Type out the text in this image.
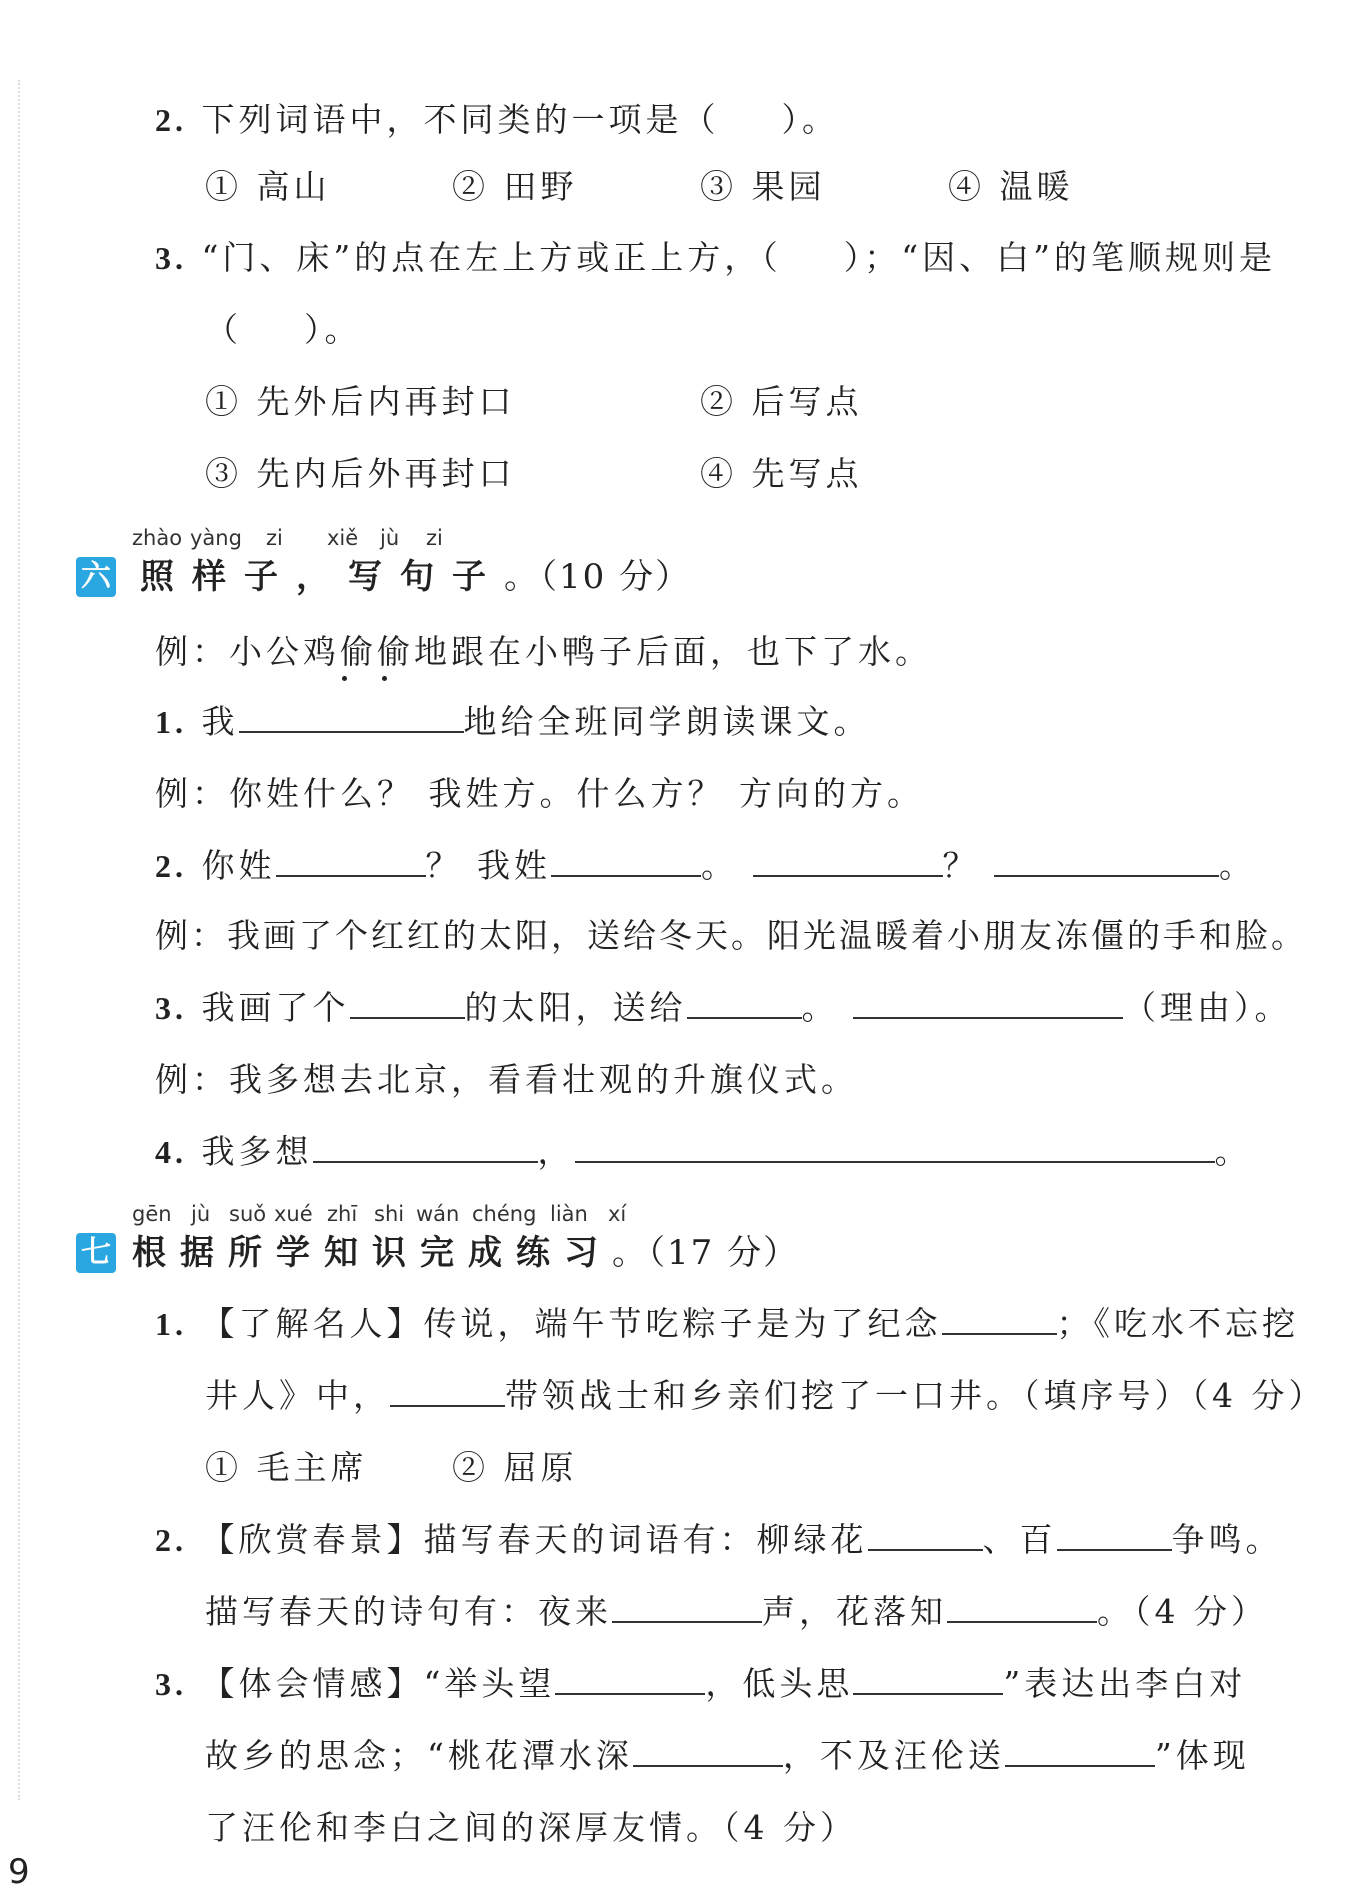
2. 下列词语中，不同类的一项是（ ）。
① 高山	② 田野	③ 果园	④ 温暖
3. “门、床”的点在左上方或正上方，（ ）；“因、白”的笔顺规则是
（ ）。
① 先外后内再封口	② 后写点
③ 先内后外再封口	④ 先写点
zhào yàng zi xiě jù zi
六 照样子，写句子。（10 分）
例：小公鸡偷偷地跟在小鸭子后面，也下了水。
1. 我	地给全班同学朗读课文。
例：你姓什么？ 我姓方。什么方？ 方向的方。
2. 你姓	？ 我姓	。	？	。
例：我画了个红红的太阳，送给冬天。阳光温暖着小朋友冻僵的手和脸。
3. 我画了个	的太阳，送给	。	（理由）。
例：我多想去北京，看看壮观的升旗仪式。
4. 我多想	，	。
gēn jù suǒ xué zhī shi wán chéng liàn xí
七 根据所学知识完成练习。（17 分）
1. 【了解名人】传说，端午节吃粽子是为了纪念	；《吃水不忘挖
井人》中，	带领战士和乡亲们挖了一口井。（填序号）（4 分）
① 毛主席	② 屈原
2. 【欣赏春景】描写春天的词语有：柳绿花	、百	争鸣。
描写春天的诗句有：夜来	声，花落知	。（4 分）
3. 【体会情感】“举头望	，低头思	”表达出李白对
故乡的思念；“桃花潭水深	，不及汪伦送	”体现
了汪伦和李白之间的深厚友情。（4 分）
9
